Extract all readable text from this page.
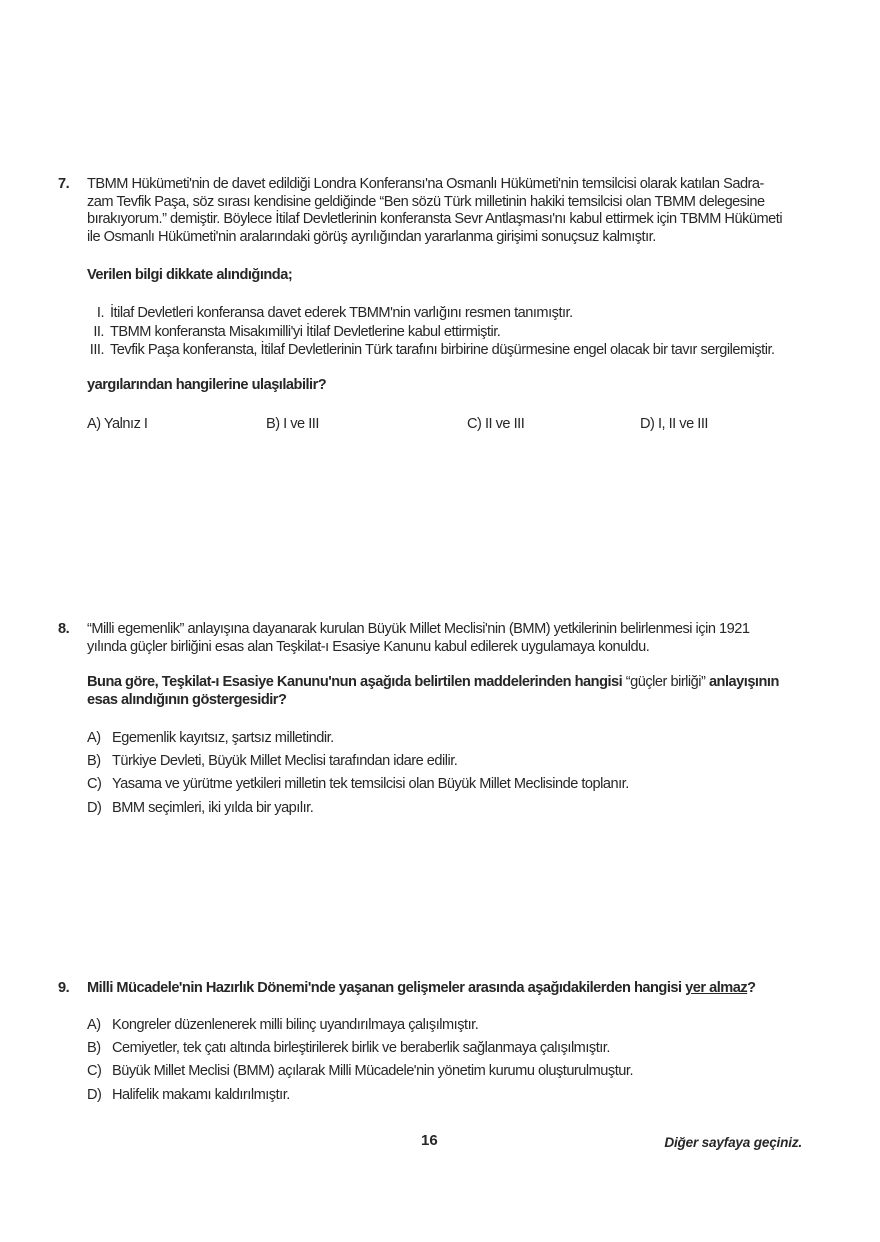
7. TBMM Hükümeti'nin de davet edildiği Londra Konferansı'na Osmanlı Hükümeti'nin temsilcisi olarak katılan Sadra-
zam Tevfik Paşa, söz sırası kendisine geldiğinde “Ben sözü Türk milletinin hakiki temsilcisi olan TBMM delegesine
bırakıyorum.” demiştir. Böylece İtilaf Devletlerinin konferansta Sevr Antlaşması'nı kabul ettirmek için TBMM Hükümeti
ile Osmanlı Hükümeti'nin aralarındaki görüş ayrılığından yararlanma girişimi sonuçsuz kalmıştır.
Verilen bilgi dikkate alındığında;
I. İtilaf Devletleri konferansa davet ederek TBMM'nin varlığını resmen tanımıştır.
II. TBMM konferansta Misakımilli'yi İtilaf Devletlerine kabul ettirmiştir.
III. Tevfik Paşa konferansta, İtilaf Devletlerinin Türk tarafını birbirine düşürmesine engel olacak bir tavır sergilemiştir.
yargılarından hangilerine ulaşılabilir?
A) Yalnız I	B) I ve III	C) II ve III	D) I, II ve III
8. “Milli egemenlik” anlayışına dayanarak kurulan Büyük Millet Meclisi'nin (BMM) yetkilerinin belirlenmesi için 1921
yılında güçler birliğini esas alan Teşkilat-ı Esasiye Kanunu kabul edilerek uygulamaya konuldu.
Buna göre, Teşkilat-ı Esasiye Kanunu'nun aşağıda belirtilen maddelerinden hangisi “güçler birliği” anlayışının
esas alındığının göstergesidir?
A) Egemenlik kayıtsız, şartsız milletindir.
B) Türkiye Devleti, Büyük Millet Meclisi tarafından idare edilir.
C) Yasama ve yürütme yetkileri milletin tek temsilcisi olan Büyük Millet Meclisinde toplanır.
D) BMM seçimleri, iki yılda bir yapılır.
9. Milli Mücadele'nin Hazırlık Dönemi'nde yaşanan gelişmeler arasında aşağıdakilerden hangisi yer almaz?
A) Kongreler düzenlenerek milli bilinç uyandırılmaya çalışılmıştır.
B) Cemiyetler, tek çatı altında birleştirilerek birlik ve beraberlik sağlanmaya çalışılmıştır.
C) Büyük Millet Meclisi (BMM) açılarak Milli Mücadele'nin yönetim kurumu oluşturulmuştur.
D) Halifelik makamı kaldırılmıştır.
16	Diğer sayfaya geçiniz.
